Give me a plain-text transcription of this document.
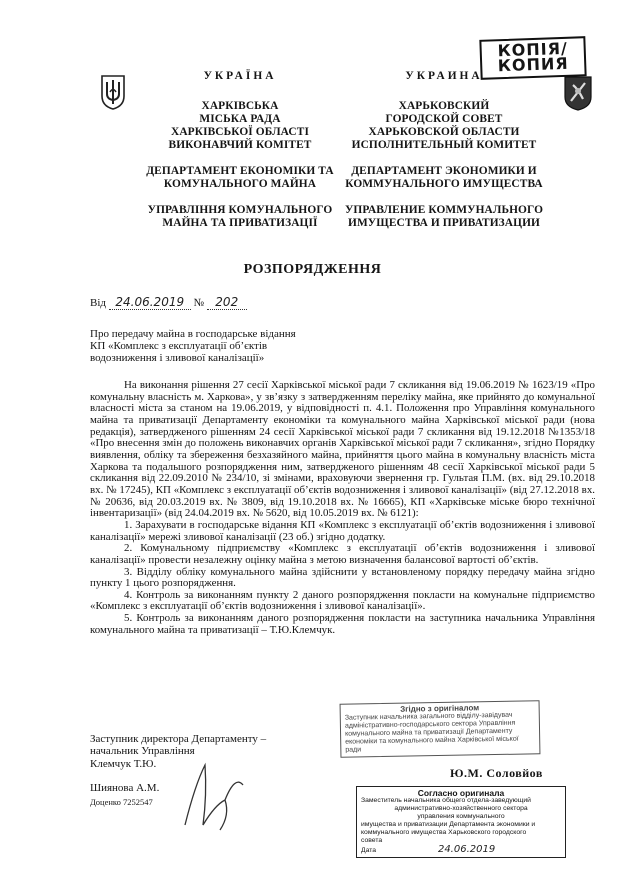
КОПІЯ/
КОПИЯ
УКРАЇНА
ХАРКІВСЬКА
МІСЬКА РАДА
ХАРКІВСЬКОЇ ОБЛАСТІ
ВИКОНАВЧИЙ КОМІТЕТ
ДЕПАРТАМЕНТ ЕКОНОМІКИ ТА
КОМУНАЛЬНОГО МАЙНА
УПРАВЛІННЯ КОМУНАЛЬНОГО
МАЙНА ТА ПРИВАТИЗАЦІЇ
УКРАИНА
ХАРЬКОВСКИЙ
ГОРОДСКОЙ СОВЕТ
ХАРЬКОВСКОЙ ОБЛАСТИ
ИСПОЛНИТЕЛЬНЫЙ КОМИТЕТ
ДЕПАРТАМЕНТ ЭКОНОМИКИ И
КОММУНАЛЬНОГО ИМУЩЕСТВА
УПРАВЛЕНИЕ КОММУНАЛЬНОГО
ИМУЩЕСТВА И ПРИВАТИЗАЦИИ
РОЗПОРЯДЖЕННЯ
Від 24.06.2019 № 202
Про передачу майна в господарське відання
КП «Комплекс з експлуатації об’єктів
водозниження і зливової каналізації»

На виконання рішення 27 сесії Харківської міської ради 7 скликання від 19.06.2019 № 1623/19 «Про комунальну власність м. Харкова», у зв’язку з затвердженням переліку майна, яке прийнято до комунальної власності міста за станом на 19.06.2019, у відповідності п. 4.1. Положення про Управління комунального майна та приватизації Департаменту економіки та комунального майна Харківської міської ради (нова редакція), затвердженого рішенням 24 сесії Харківської міської ради 7 скликання від 19.12.2018 №1353/18 «Про внесення змін до положень виконавчих органів Харківської міської ради 7 скликання», згідно Порядку виявлення, обліку та збереження безхазяйного майна, прийняття цього майна в комунальну власність міста Харкова та подальшого розпорядження ним, затвердженого рішенням 48 сесії Харківської міської ради 5 скликання від 22.09.2010 № 234/10, зі змінами, враховуючи звернення гр. Гультая П.М. (вх. від 29.10.2018 вх. № 17245), КП «Комплекс з експлуатації об’єктів водозниження і зливової каналізації» (від 27.12.2018 вх. № 20636, від 20.03.2019 вх. № 3809, від 19.10.2018 вх. № 16665), КП «Харківське міське бюро технічної інвентаризації» (від 24.04.2019 вх. № 5620, від 10.05.2019 вх. № 6121):

1. Зарахувати в господарське відання КП «Комплекс з експлуатації об’єктів водозниження і зливової каналізації» мережі зливової каналізації (23 об.) згідно додатку.

2. Комунальному підприємству «Комплекс з експлуатації об’єктів водозниження і зливової каналізації» провести незалежну оцінку майна з метою визначення балансової вартості об’єктів.

3. Відділу обліку комунального майна здійснити у встановленому порядку передачу майна згідно пункту 1 цього розпорядження.

4. Контроль за виконанням пункту 2 даного розпорядження покласти на комунальне підприємство «Комплекс з експлуатації об’єктів водозниження і зливової каналізації».

5. Контроль за виконанням даного розпорядження покласти на заступника начальника Управління комунального майна та приватизації – Т.Ю.Клемчук.

Заступник директора Департаменту –
начальник Управління
Клемчук Т.Ю.
Шиянова А.М.
Доценко 7252547
Ю.М. Соловйов
Згідно з оригіналом
Заступник начальника загального відділу-завідувач
адміністративно-господарського сектора Управління
комунального майна та приватизації Департаменту
економіки та комунального майна Харківської міської ради
Согласно оригинала
Заместитель начальника общего отдела-заведующий
административно-хозяйственного сектора
управления коммунального
имущества и приватизации Департамента экономики и
коммунального имущества Харьковского городского
совета
Дата	24.06.2019
